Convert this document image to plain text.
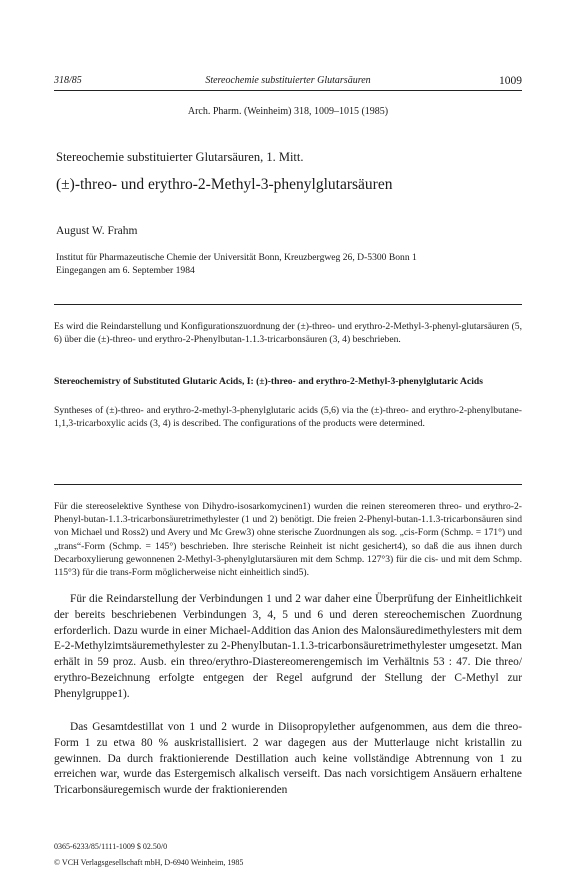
318/85	Stereochemie substituierter Glutarsäuren	1009
Arch. Pharm. (Weinheim) 318, 1009–1015 (1985)
Stereochemie substituierter Glutarsäuren, 1. Mitt.
(±)-threo- und erythro-2-Methyl-3-phenylglutarsäuren
August W. Frahm
Institut für Pharmazeutische Chemie der Universität Bonn, Kreuzbergweg 26, D-5300 Bonn 1
Eingegangen am 6. September 1984

Es wird die Reindarstellung und Konfigurationszuordnung der (±)-threo- und erythro-2-Methyl-3-phenyl-glutarsäuren (5, 6) über die (±)-threo- und erythro-2-Phenylbutan-1.1.3-tricarbonsäuren (3, 4) beschrieben.

Stereochemistry of Substituted Glutaric Acids, I: (±)-threo- and erythro-2-Methyl-3-phenylglutaric Acids

Syntheses of (±)-threo- and erythro-2-methyl-3-phenylglutaric acids (5,6) via the (±)-threo- and erythro-2-phenylbutane-1,1,3-tricarboxylic acids (3, 4) is described. The configurations of the products were determined.

Für die stereoselektive Synthese von Dihydro-isosarkomycinen1) wurden die reinen stereomeren threo- und erythro-2-Phenyl-butan-1.1.3-tricarbonsäuretrimethylester (1 und 2) benötigt. Die freien 2-Phenyl-butan-1.1.3-tricarbonsäuren sind von Michael und Ross2) und Avery und Mc Grew3) ohne sterische Zuordnungen als sog. „cis-Form (Schmp. = 171°) und „trans“-Form (Schmp. = 145°) beschrieben. Ihre sterische Reinheit ist nicht gesichert4), so daß die aus ihnen durch Decarboxylierung gewonnenen 2-Methyl-3-phenylglutarsäuren mit dem Schmp. 127°3) für die cis- und mit dem Schmp. 115°3) für die trans-Form möglicherweise nicht einheitlich sind5).

Für die Reindarstellung der Verbindungen 1 und 2 war daher eine Überprüfung der Einheitlichkeit der bereits beschriebenen Verbindungen 3, 4, 5 und 6 und deren stereochemischen Zuordnung erforderlich. Dazu wurde in einer Michael-Addition das Anion des Malonsäuredimethylesters mit dem E-2-Methylzimtsäuremethylester zu 2-Phenylbutan-1.1.3-tricarbonsäuretrimethylester umgesetzt. Man erhält in 59 proz. Ausb. ein threo/erythro-Diastereomerengemisch im Verhältnis 53 : 47. Die threo/ erythro-Bezeichnung erfolgte entgegen der Regel aufgrund der Stellung der C-Methyl zur Phenylgruppe1).

Das Gesamtdestillat von 1 und 2 wurde in Diisopropylether aufgenommen, aus dem die threo-Form 1 zu etwa 80 % auskristallisiert. 2 war dagegen aus der Mutterlauge nicht kristallin zu gewinnen. Da durch fraktionierende Destillation auch keine vollständige Abtrennung von 1 zu erreichen war, wurde das Estergemisch alkalisch verseift. Das nach vorsichtigem Ansäuern erhaltene Tricarbonsäuregemisch wurde der fraktionierenden

0365-6233/85/1111-1009 $ 02.50/0
© VCH Verlagsgesellschaft mbH, D-6940 Weinheim, 1985
